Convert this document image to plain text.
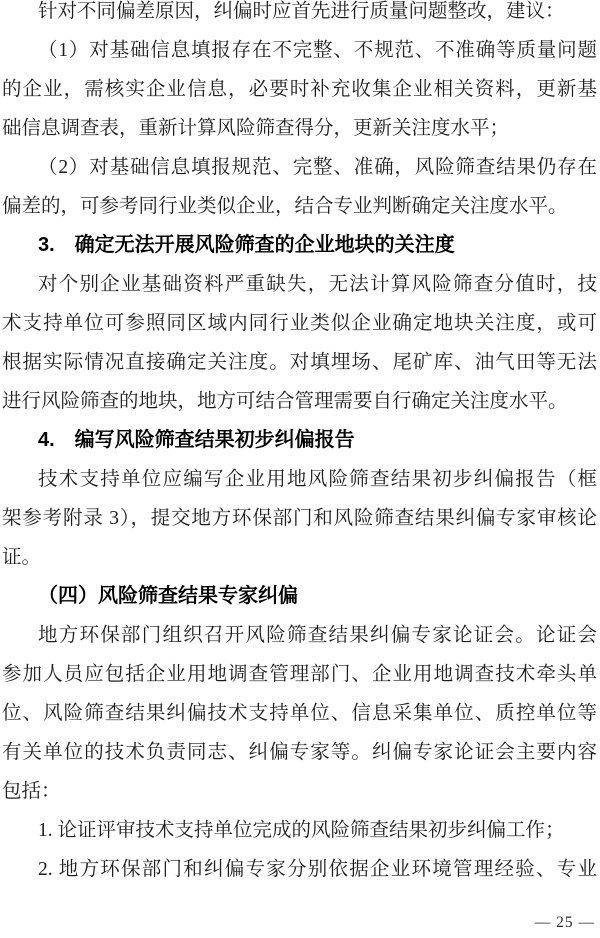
针对不同偏差原因，纠偏时应首先进行质量问题整改，建议：
（1）对基础信息填报存在不完整、不规范、不准确等质量问题
的企业，需核实企业信息，必要时补充收集企业相关资料，更新基
础信息调查表，重新计算风险筛查得分，更新关注度水平；
（2）对基础信息填报规范、完整、准确，风险筛查结果仍存在
偏差的，可参考同行业类似企业，结合专业判断确定关注度水平。
3.　确定无法开展风险筛查的企业地块的关注度
对个别企业基础资料严重缺失，无法计算风险筛查分值时，技
术支持单位可参照同区域内同行业类似企业确定地块关注度，或可
根据实际情况直接确定关注度。对填埋场、尾矿库、油气田等无法
进行风险筛查的地块，地方可结合管理需要自行确定关注度水平。
4.　编写风险筛查结果初步纠偏报告
技术支持单位应编写企业用地风险筛查结果初步纠偏报告（框
架参考附录 3），提交地方环保部门和风险筛查结果纠偏专家审核论
证。
（四）风险筛查结果专家纠偏
地方环保部门组织召开风险筛查结果纠偏专家论证会。论证会
参加人员应包括企业用地调查管理部门、企业用地调查技术牵头单
位、风险筛查结果纠偏技术支持单位、信息采集单位、质控单位等
有关单位的技术负责同志、纠偏专家等。纠偏专家论证会主要内容
包括：
1. 论证评审技术支持单位完成的风险筛查结果初步纠偏工作；
2. 地方环保部门和纠偏专家分别依据企业环境管理经验、专业
— 25 —
